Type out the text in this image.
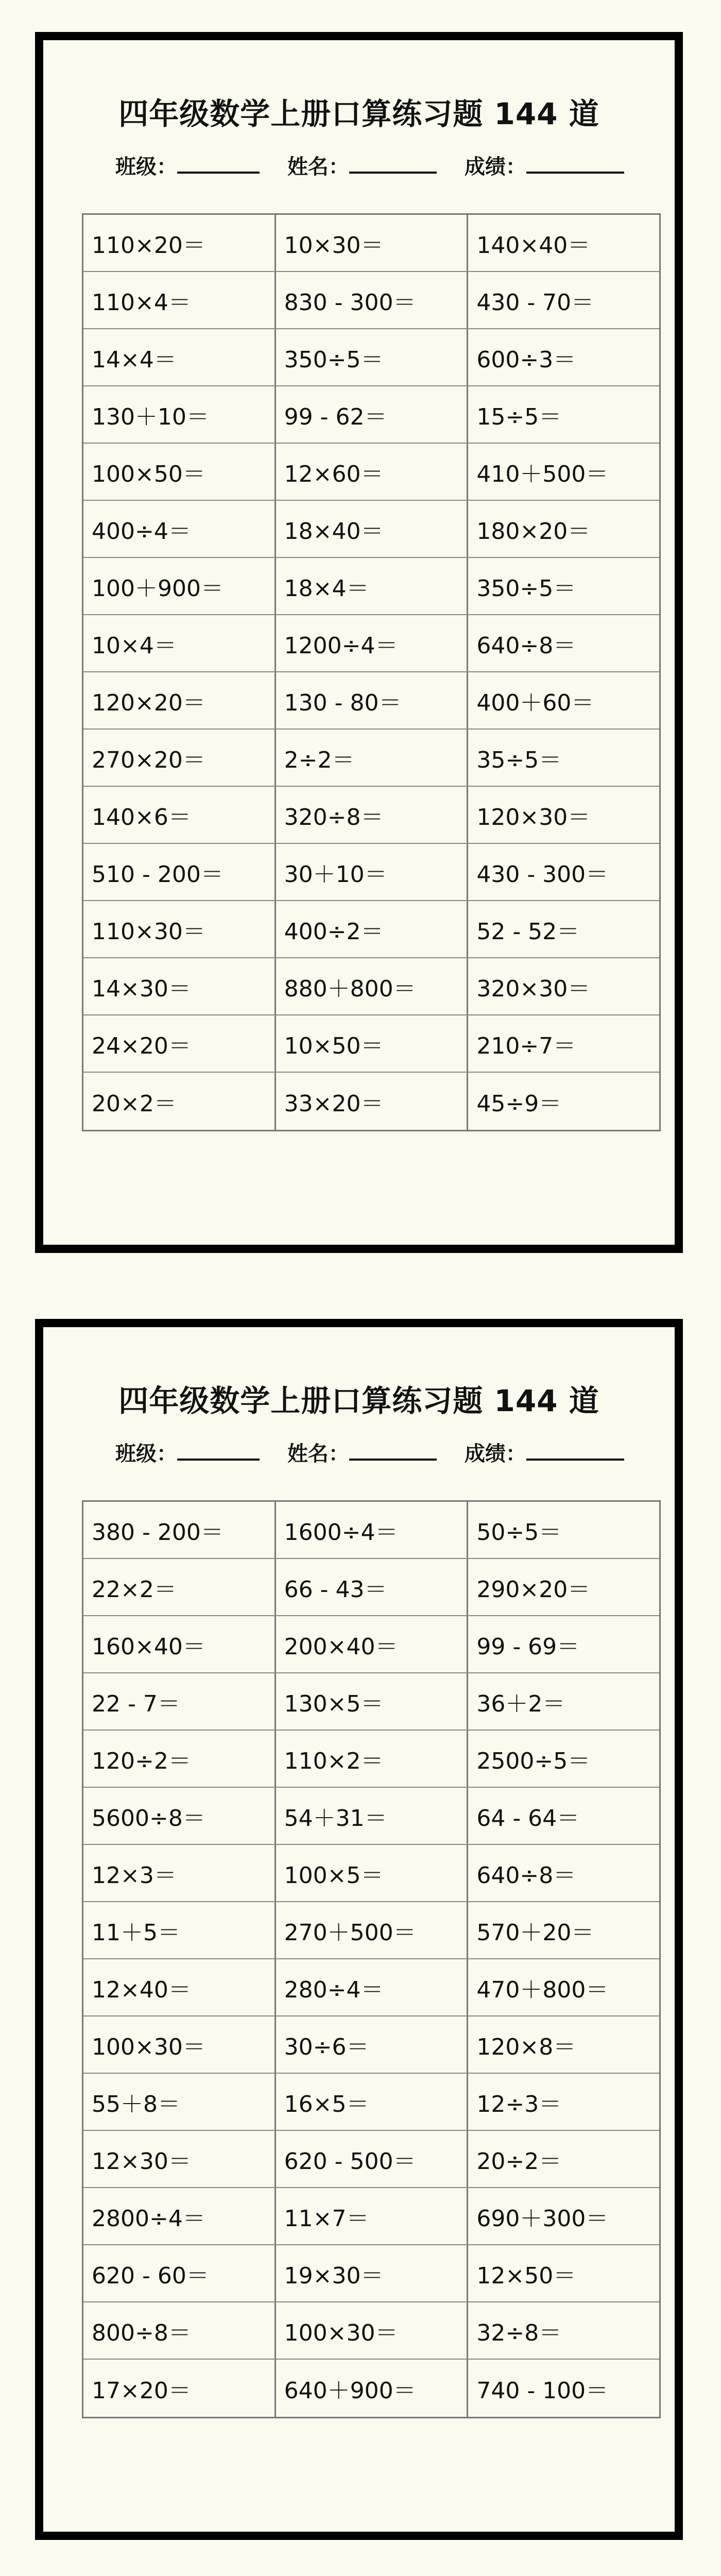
四年级数学上册口算练习题 144 道
班级：	姓名：	成绩：
110×20＝	10×30＝	140×40＝
110×4＝	830 - 300＝	430 - 70＝
14×4＝	350÷5＝	600÷3＝
130＋10＝	99 - 62＝	15÷5＝
100×50＝	12×60＝	410＋500＝
400÷4＝	18×40＝	180×20＝
100＋900＝	18×4＝	350÷5＝
10×4＝	1200÷4＝	640÷8＝
120×20＝	130 - 80＝	400＋60＝
270×20＝	2÷2＝	35÷5＝
140×6＝	320÷8＝	120×30＝
510 - 200＝	30＋10＝	430 - 300＝
110×30＝	400÷2＝	52 - 52＝
14×30＝	880＋800＝	320×30＝
24×20＝	10×50＝	210÷7＝
20×2＝	33×20＝	45÷9＝
四年级数学上册口算练习题 144 道
班级：	姓名：	成绩：
380 - 200＝	1600÷4＝	50÷5＝
22×2＝	66 - 43＝	290×20＝
160×40＝	200×40＝	99 - 69＝
22 - 7＝	130×5＝	36＋2＝
120÷2＝	110×2＝	2500÷5＝
5600÷8＝	54＋31＝	64 - 64＝
12×3＝	100×5＝	640÷8＝
11＋5＝	270＋500＝	570＋20＝
12×40＝	280÷4＝	470＋800＝
100×30＝	30÷6＝	120×8＝
55＋8＝	16×5＝	12÷3＝
12×30＝	620 - 500＝	20÷2＝
2800÷4＝	11×7＝	690＋300＝
620 - 60＝	19×30＝	12×50＝
800÷8＝	100×30＝	32÷8＝
17×20＝	640＋900＝	740 - 100＝
